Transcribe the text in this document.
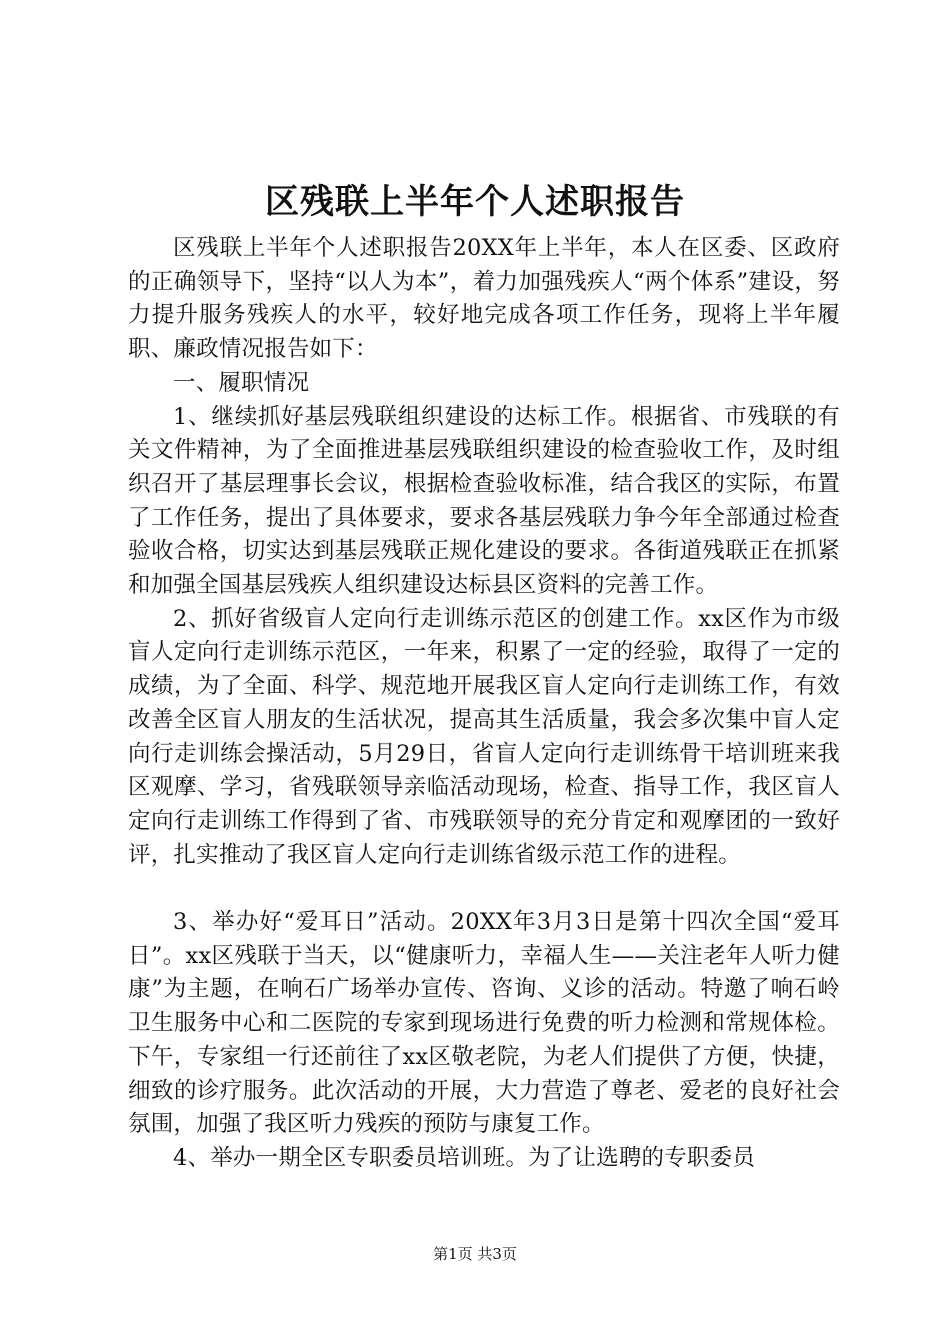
区残联上半年个人述职报告

区残联上半年个人述职报告20XX年上半年，本人在区委、区政府的正确领导下，坚持“以人为本”，着力加强残疾人“两个体系”建设，努力提升服务残疾人的水平，较好地完成各项工作任务，现将上半年履职、廉政情况报告如下：

一、履职情况

1、继续抓好基层残联组织建设的达标工作。根据省、市残联的有关文件精神，为了全面推进基层残联组织建设的检查验收工作，及时组织召开了基层理事长会议，根据检查验收标准，结合我区的实际，布置了工作任务，提出了具体要求，要求各基层残联力争今年全部通过检查验收合格，切实达到基层残联正规化建设的要求。各街道残联正在抓紧和加强全国基层残疾人组织建设达标县区资料的完善工作。

2、抓好省级盲人定向行走训练示范区的创建工作。xx区作为市级盲人定向行走训练示范区，一年来，积累了一定的经验，取得了一定的成绩，为了全面、科学、规范地开展我区盲人定向行走训练工作，有效改善全区盲人朋友的生活状况，提高其生活质量，我会多次集中盲人定向行走训练会操活动，5月29日，省盲人定向行走训练骨干培训班来我区观摩、学习，省残联领导亲临活动现场，检查、指导工作，我区盲人定向行走训练工作得到了省、市残联领导的充分肯定和观摩团的一致好评，扎实推动了我区盲人定向行走训练省级示范工作的进程。

3、举办好“爱耳日”活动。20XX年3月3日是第十四次全国“爱耳日”。xx区残联于当天，以“健康听力，幸福人生——关注老年人听力健康”为主题，在响石广场举办宣传、咨询、义诊的活动。特邀了响石岭卫生服务中心和二医院的专家到现场进行免费的听力检测和常规体检。下午，专家组一行还前往了xx区敬老院，为老人们提供了方便，快捷，细致的诊疗服务。此次活动的开展，大力营造了尊老、爱老的良好社会氛围，加强了我区听力残疾的预防与康复工作。

4、举办一期全区专职委员培训班。为了让选聘的专职委员

第1页 共3页
